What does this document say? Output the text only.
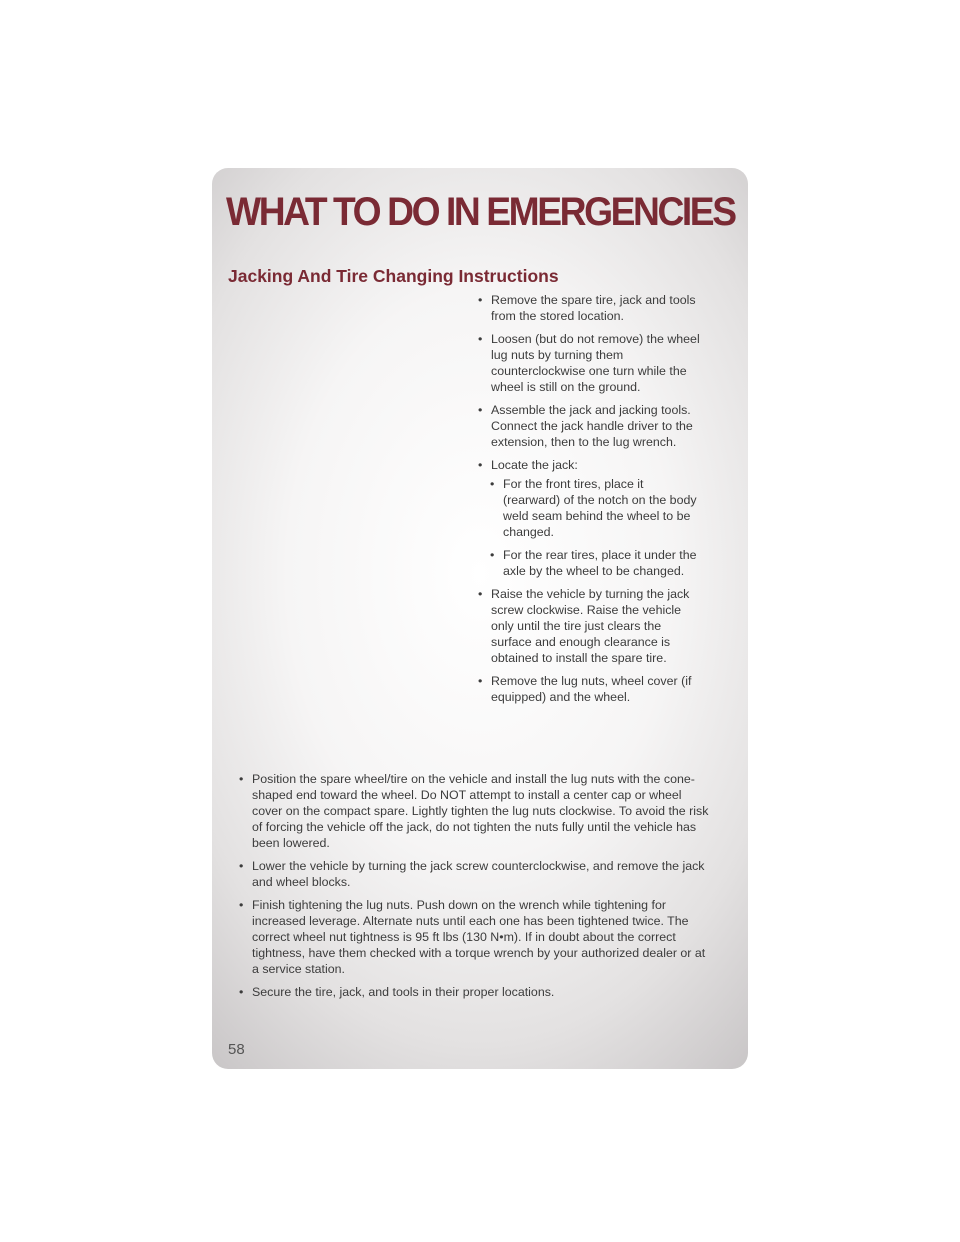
WHAT TO DO IN EMERGENCIES
Jacking And Tire Changing Instructions
• Remove the spare tire, jack and tools from the stored location.
• Loosen (but do not remove) the wheel lug nuts by turning them counterclockwise one turn while the wheel is still on the ground.
• Assemble the jack and jacking tools. Connect the jack handle driver to the extension, then to the lug wrench.
• Locate the jack:
• For the front tires, place it (rearward) of the notch on the body weld seam behind the wheel to be changed.
• For the rear tires, place it under the axle by the wheel to be changed.
• Raise the vehicle by turning the jack screw clockwise. Raise the vehicle only until the tire just clears the surface and enough clearance is obtained to install the spare tire.
• Remove the lug nuts, wheel cover (if equipped) and the wheel.
• Position the spare wheel/tire on the vehicle and install the lug nuts with the cone-shaped end toward the wheel. Do NOT attempt to install a center cap or wheel cover on the compact spare. Lightly tighten the lug nuts clockwise. To avoid the risk of forcing the vehicle off the jack, do not tighten the nuts fully until the vehicle has been lowered.
• Lower the vehicle by turning the jack screw counterclockwise, and remove the jack and wheel blocks.
• Finish tightening the lug nuts. Push down on the wrench while tightening for increased leverage. Alternate nuts until each one has been tightened twice. The correct wheel nut tightness is 95 ft lbs (130 N•m). If in doubt about the correct tightness, have them checked with a torque wrench by your authorized dealer or at a service station.
• Secure the tire, jack, and tools in their proper locations.
58
